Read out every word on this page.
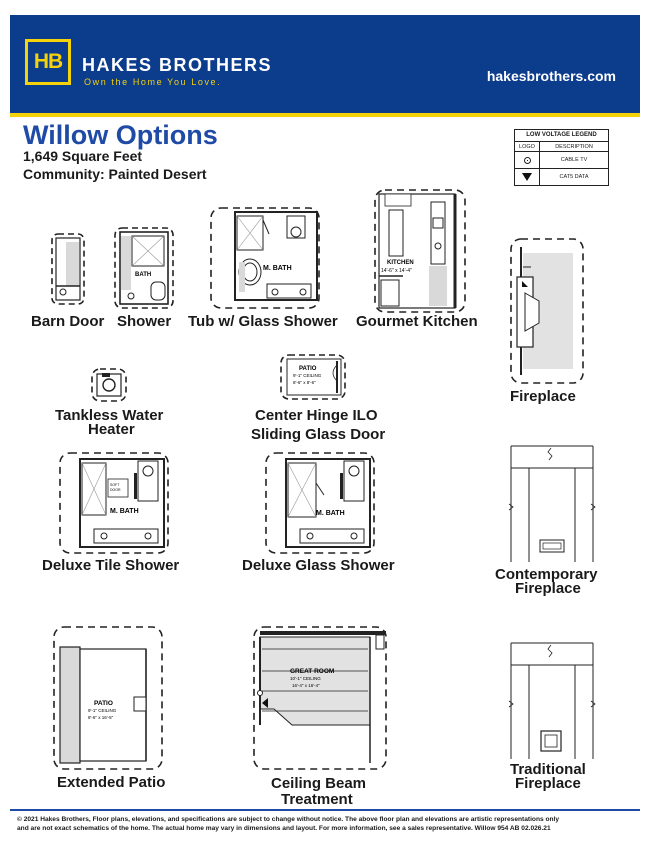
HB	HAKES BROTHERS
Own the Home You Love.	hakesbrothers.com
Willow Options
1,649 Square Feet
Community: Painted Desert
LOW VOLTAGE LEGEND
LOGO	DESCRIPTION
CABLE TV
CAT5 DATA
Barn Door
BATH
Shower
M. BATH
Tub w/ Glass Shower
KITCHEN
14'-6" x 14'-4"
Gourmet Kitchen
Fireplace
Tankless Water
Heater
PATIO
9'-1" CEILING
8'-6" x 8'-6"
Center Hinge ILO
Sliding Glass Door
SOFT
DOOR
M. BATH
Deluxe Tile Shower
M. BATH
Deluxe Glass Shower
Contemporary
Fireplace
PATIO
9'-1" CEILING
8'-6" x 16'-5"
Extended Patio
GREAT ROOM
10'-1" CEILING
16'-4" x 16'-4"
Ceiling Beam
Treatment
Traditional
Fireplace
© 2021 Hakes Brothers, Floor plans, elevations, and specifications are subject to change without notice. The above floor plan and elevations are artistic representations only
and are not exact schematics of the home. The actual home may vary in dimensions and layout. For more information, see a sales representative. Willow 954 AB 02.026.21
